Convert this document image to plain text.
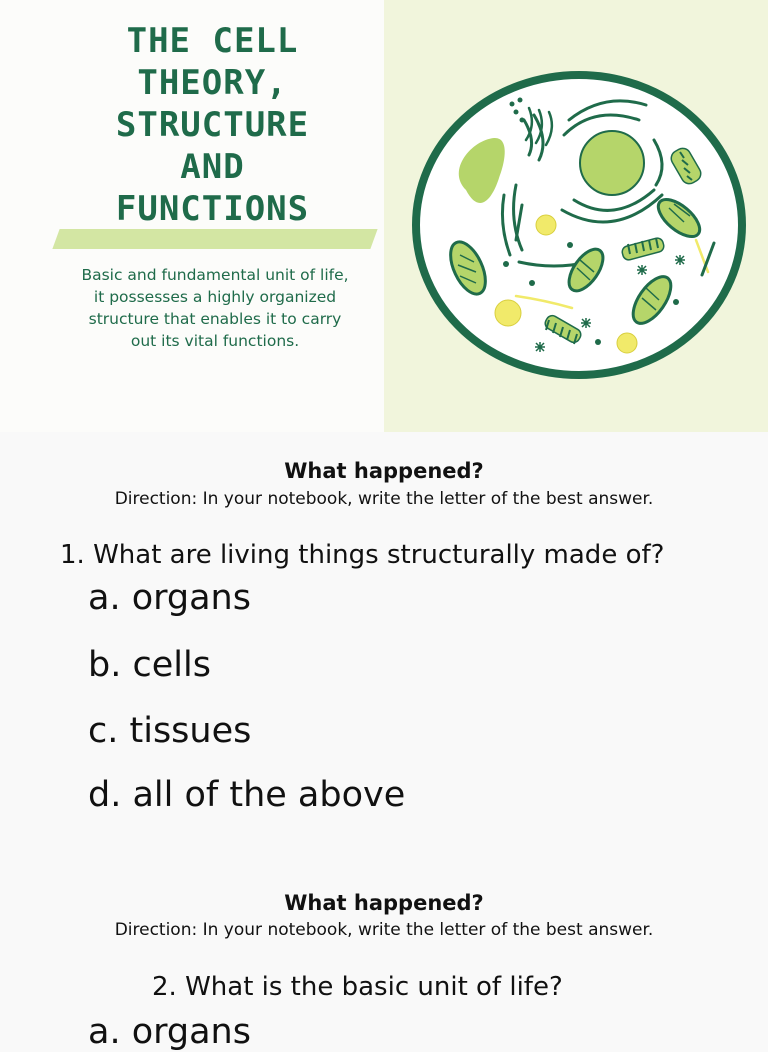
THE CELL
THEORY,
STRUCTURE
AND
FUNCTIONS

Basic and fundamental unit of life,
it possesses a highly organized
structure that enables it to carry
out its vital functions.

What happened?

Direction: In your notebook, write the letter of the best answer.

1. What are living things structurally made of?

a. organs

b. cells

c. tissues

d. all of the above

What happened?

Direction: In your notebook, write the letter of the best answer.

2. What is the basic unit of life?

a. organs
